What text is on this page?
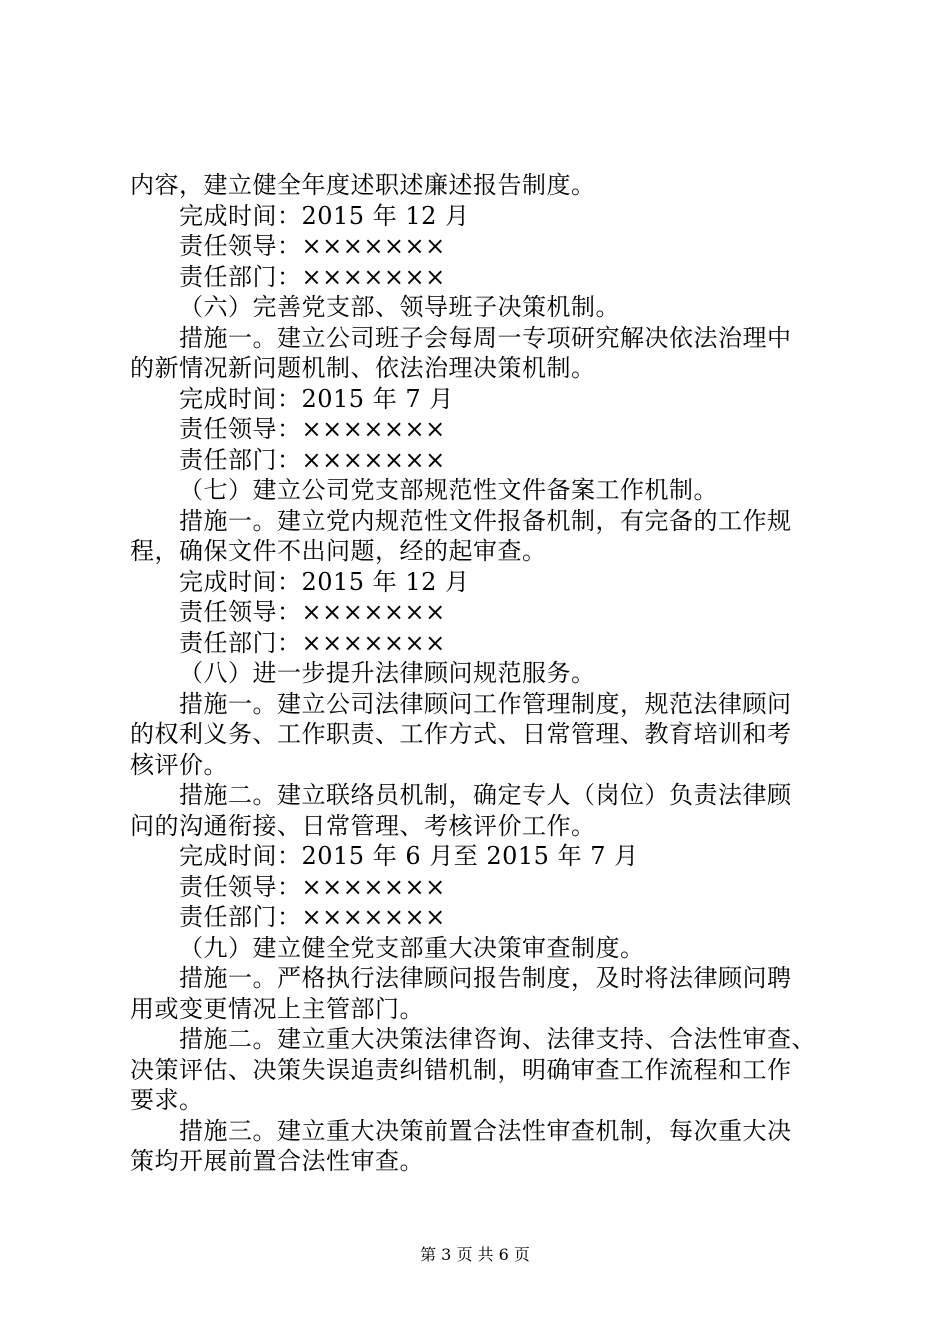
内容，建立健全年度述职述廉述报告制度。
完成时间：2015 年 12 月
责任领导：×××××××
责任部门：×××××××
（六）完善党支部、领导班子决策机制。
措施一。建立公司班子会每周一专项研究解决依法治理中
的新情况新问题机制、依法治理决策机制。
完成时间：2015 年 7 月
责任领导：×××××××
责任部门：×××××××
（七）建立公司党支部规范性文件备案工作机制。
措施一。建立党内规范性文件报备机制，有完备的工作规
程，确保文件不出问题，经的起审查。
完成时间：2015 年 12 月
责任领导：×××××××
责任部门：×××××××
（八）进一步提升法律顾问规范服务。
措施一。建立公司法律顾问工作管理制度，规范法律顾问
的权利义务、工作职责、工作方式、日常管理、教育培训和考
核评价。
措施二。建立联络员机制，确定专人（岗位）负责法律顾
问的沟通衔接、日常管理、考核评价工作。
完成时间：2015 年 6 月至 2015 年 7 月
责任领导：×××××××
责任部门：×××××××
（九）建立健全党支部重大决策审查制度。
措施一。严格执行法律顾问报告制度，及时将法律顾问聘
用或变更情况上主管部门。
措施二。建立重大决策法律咨询、法律支持、合法性审查、
决策评估、决策失误追责纠错机制，明确审查工作流程和工作
要求。
措施三。建立重大决策前置合法性审查机制，每次重大决
策均开展前置合法性审查。
第 3 页 共 6 页
